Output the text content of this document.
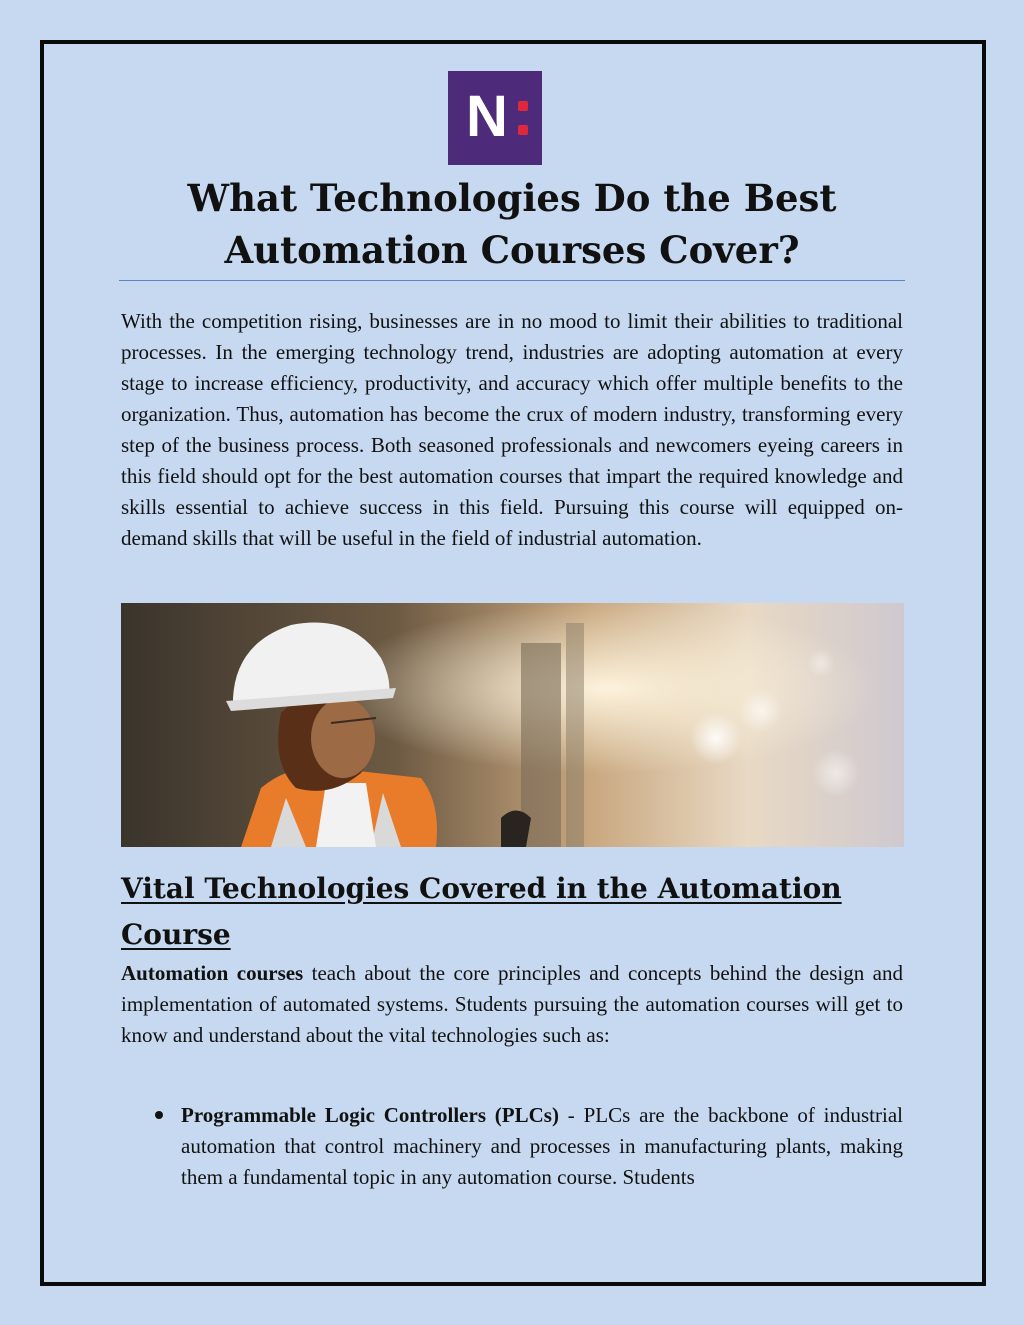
N
What Technologies Do the Best Automation Courses Cover?

With the competition rising, businesses are in no mood to limit their abilities to traditional processes. In the emerging technology trend, industries are adopting automation at every stage to increase efficiency, productivity, and accuracy which offer multiple benefits to the organization. Thus, automation has become the crux of modern industry, transforming every step of the business process. Both seasoned professionals and newcomers eyeing careers in this field should opt for the best automation courses that impart the required knowledge and skills essential to achieve success in this field. Pursuing this course will equipped on-demand skills that will be useful in the field of industrial automation.

Vital Technologies Covered in the Automation Course

Automation courses teach about the core principles and concepts behind the design and implementation of automated systems. Students pursuing the automation courses will get to know and understand about the vital technologies such as:

Programmable Logic Controllers (PLCs) - PLCs are the backbone of industrial automation that control machinery and processes in manufacturing plants, making them a fundamental topic in any automation course. Students
